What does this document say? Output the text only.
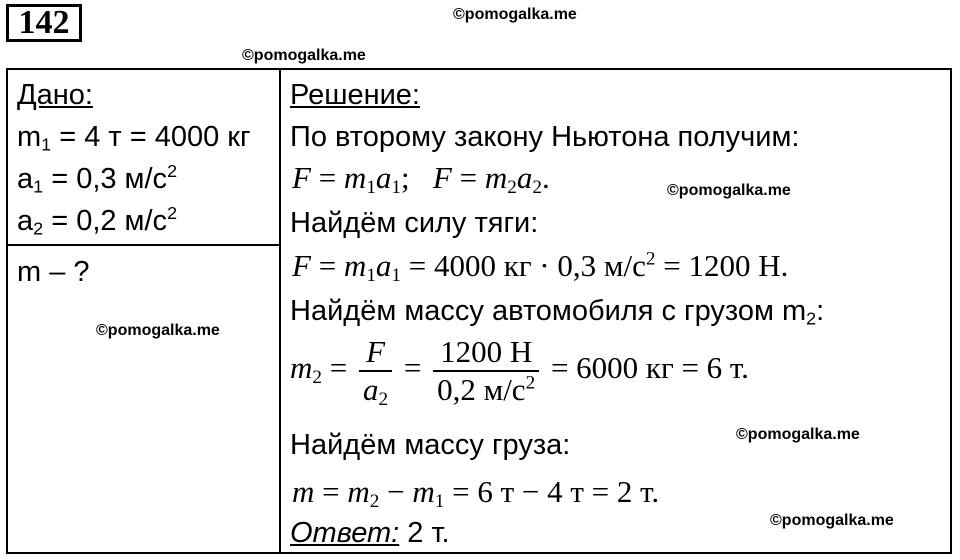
142	©pomogalka.me
©pomogalka.me
Дано:
$m_1 = 4$ т = 4000 кг
$a_1 = 0,3$ $м/с^2$
$a_2 = 0,2$ $м/с^2$
m – ?
©pomogalka.me
Решение:
По второму закону Ньютона получим:
$F = m_1a_1$;   $F = m_2a_2$.	©pomogalka.me
Найдём силу тяги:
$F = m_1a_1 = 4000$ кг · 0,3 $м/с^2 = 1200$ Н.
Найдём массу автомобиля с грузом $m_2$:
$m_2 = \frac{F}{a_2} = \frac{1200 Н}{0,2 м/с^2} = 6000$ кг = 6 т.
Найдём массу груза:	©pomogalka.me
$m = m_2 - m_1 = 6$ т − 4 т = 2 т.
Ответ: 2 т.	©pomogalka.me
